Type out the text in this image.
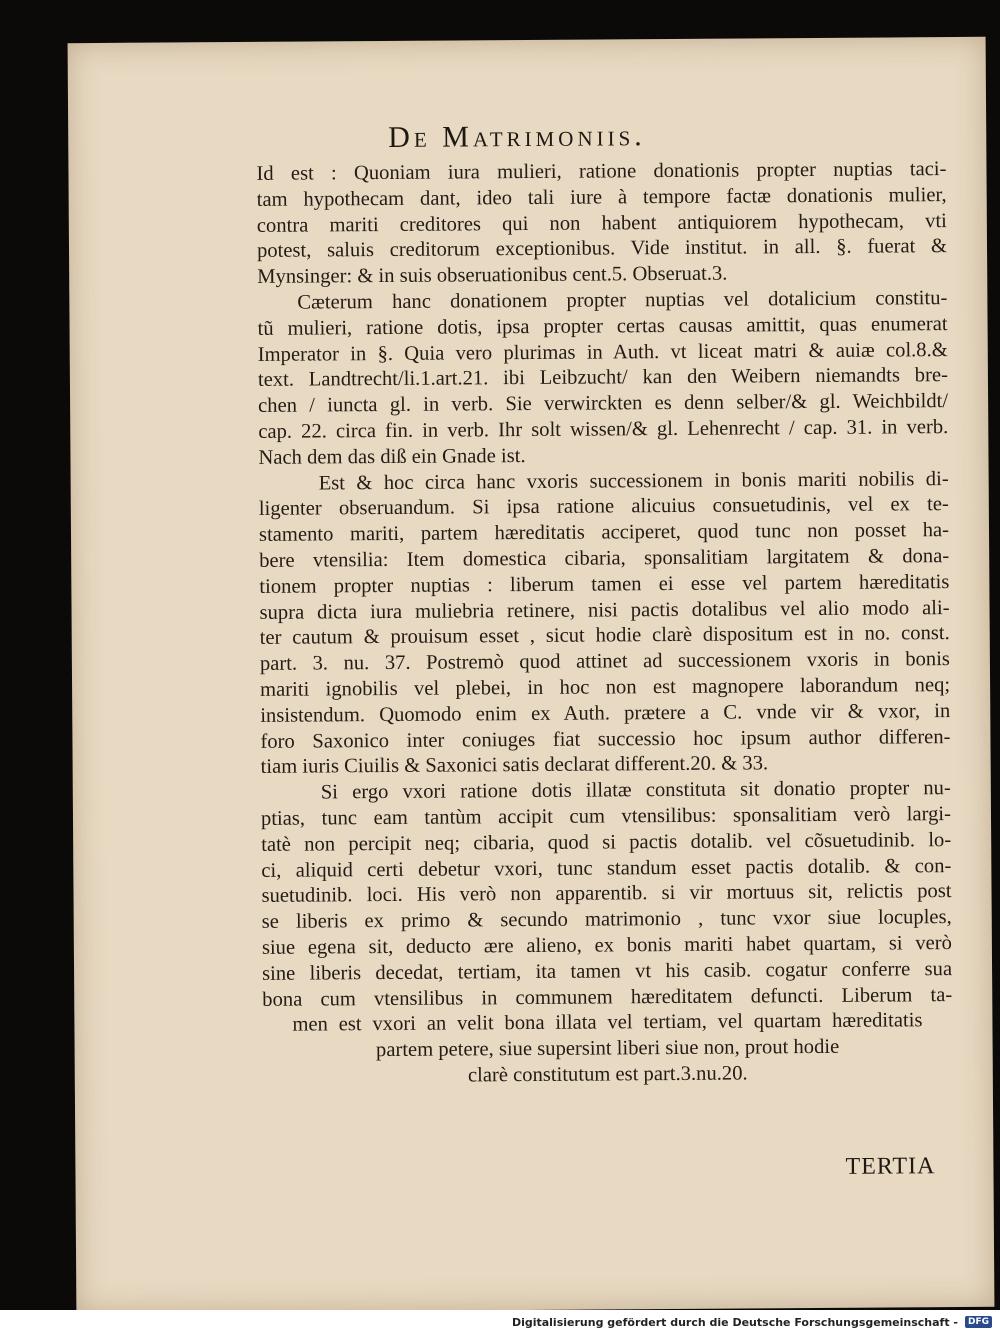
De Matrimoniis.
Id est : Quoniam iura mulieri, ratione donationis propter nuptias taci-
tam hypothecam dant, ideo tali iure à tempore factæ donationis mulier,
contra mariti creditores qui non habent antiquiorem hypothecam, vti
potest, saluis creditorum exceptionibus. Vide institut. in all. §. fuerat &
Mynsinger: & in suis obseruationibus cent.5. Obseruat.3.
Cæterum hanc donationem propter nuptias vel dotalicium constitu-
tũ mulieri, ratione dotis, ipsa propter certas causas amittit, quas enumerat
Imperator in §. Quia vero plurimas in Auth. vt liceat matri & auiæ col.8.&
text. Landtrecht/li.1.art.21. ibi Leibzucht/ kan den Weibern niemandts bre-
chen / iuncta gl. in verb. Sie verwirckten es denn selber/& gl. Weichbildt/
cap. 22. circa fin. in verb. Ihr solt wissen/& gl. Lehenrecht / cap. 31. in verb.
Nach dem das diß ein Gnade ist.
Est & hoc circa hanc vxoris successionem in bonis mariti nobilis di-
ligenter obseruandum. Si ipsa ratione alicuius consuetudinis, vel ex te-
stamento mariti, partem hæreditatis acciperet, quod tunc non posset ha-
bere vtensilia: Item domestica cibaria, sponsalitiam largitatem & dona-
tionem propter nuptias : liberum tamen ei esse vel partem hæreditatis
supra dicta iura muliebria retinere, nisi pactis dotalibus vel alio modo ali-
ter cautum & prouisum esset , sicut hodie clarè dispositum est in no. const.
part. 3. nu. 37. Postremò quod attinet ad successionem vxoris in bonis
mariti ignobilis vel plebei, in hoc non est magnopere laborandum neq;
insistendum. Quomodo enim ex Auth. prætere a C. vnde vir & vxor, in
foro Saxonico inter coniuges fiat successio hoc ipsum author differen-
tiam iuris Ciuilis & Saxonici satis declarat different.20. & 33.
Si ergo vxori ratione dotis illatæ constituta sit donatio propter nu-
ptias, tunc eam tantùm accipit cum vtensilibus: sponsalitiam verò largi-
tatè non percipit neq; cibaria, quod si pactis dotalib. vel cõsuetudinib. lo-
ci, aliquid certi debetur vxori, tunc standum esset pactis dotalib. & con-
suetudinib. loci. His verò non apparentib. si vir mortuus sit, relictis post
se liberis ex primo & secundo matrimonio , tunc vxor siue locuples,
siue egena sit, deducto ære alieno, ex bonis mariti habet quartam, si verò
sine liberis decedat, tertiam, ita tamen vt his casib. cogatur conferre sua
bona cum vtensilibus in communem hæreditatem defuncti. Liberum ta-
men est vxori an velit bona illata vel tertiam, vel quartam hæreditatis
partem petere, siue supersint liberi siue non, prout hodie
clarè constitutum est part.3.nu.20.
TERTIA
Digitalisierung gefördert durch die Deutsche Forschungsgemeinschaft -	DFG
